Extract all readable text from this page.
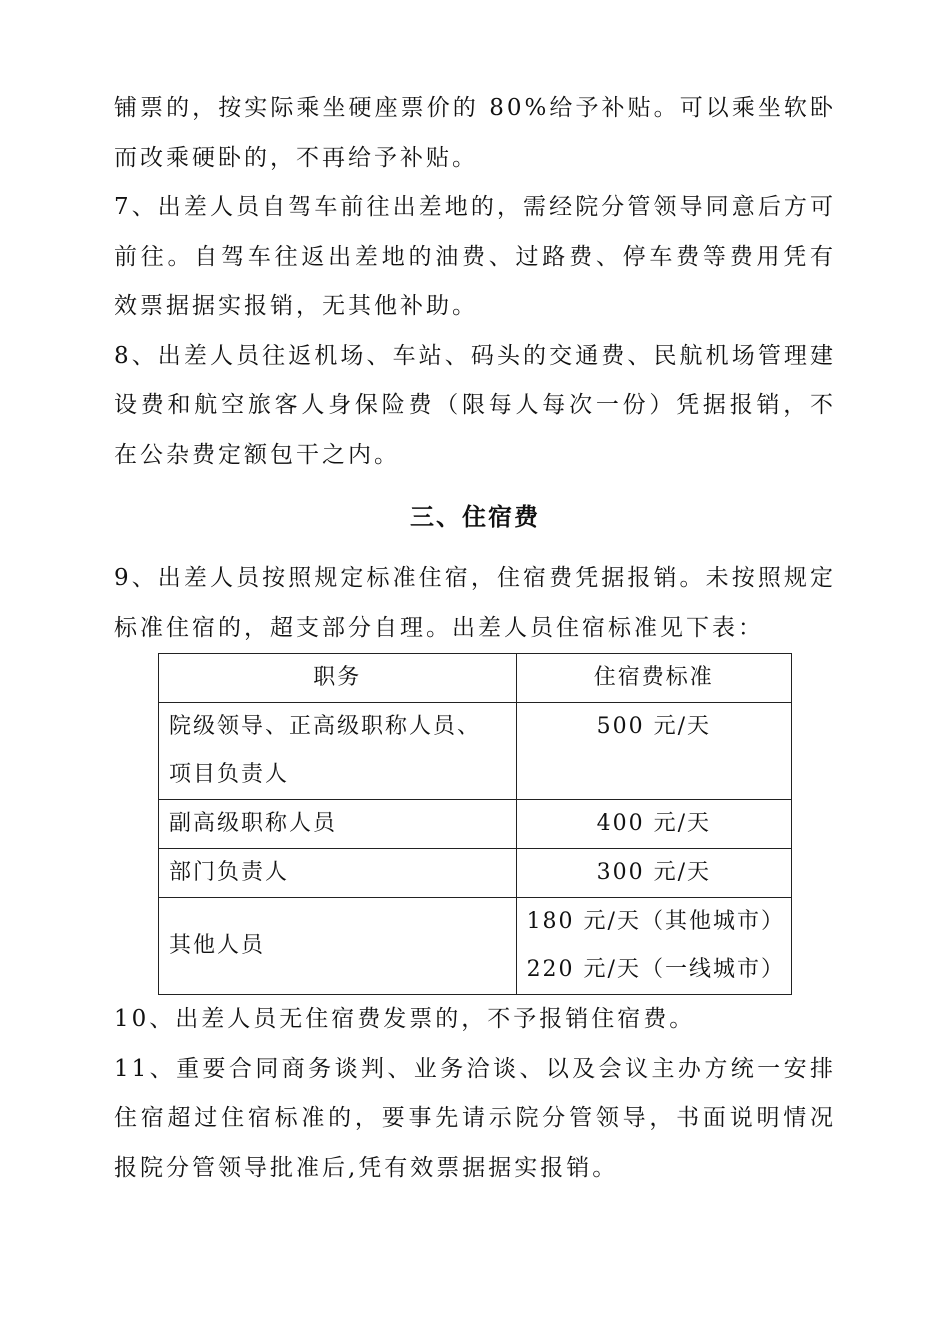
铺票的，按实际乘坐硬座票价的 80%给予补贴。可以乘坐软卧而改乘硬卧的，不再给予补贴。

7、出差人员自驾车前往出差地的，需经院分管领导同意后方可前往。自驾车往返出差地的油费、过路费、停车费等费用凭有效票据据实报销，无其他补助。

8、出差人员往返机场、车站、码头的交通费、民航机场管理建设费和航空旅客人身保险费（限每人每次一份）凭据报销，不在公杂费定额包干之内。

三、住宿费

9、出差人员按照规定标准住宿，住宿费凭据报销。未按照规定标准住宿的，超支部分自理。出差人员住宿标准见下表：

职务	住宿费标准

院级领导、正高级职称人员、
项目负责人	500 元/天

副高级职称人员	400 元/天

部门负责人	300 元/天

其他人员	180 元/天（其他城市）
220 元/天（一线城市）

10、出差人员无住宿费发票的，不予报销住宿费。

11、重要合同商务谈判、业务洽谈、以及会议主办方统一安排住宿超过住宿标准的，要事先请示院分管领导，书面说明情况报院分管领导批准后,凭有效票据据实报销。
